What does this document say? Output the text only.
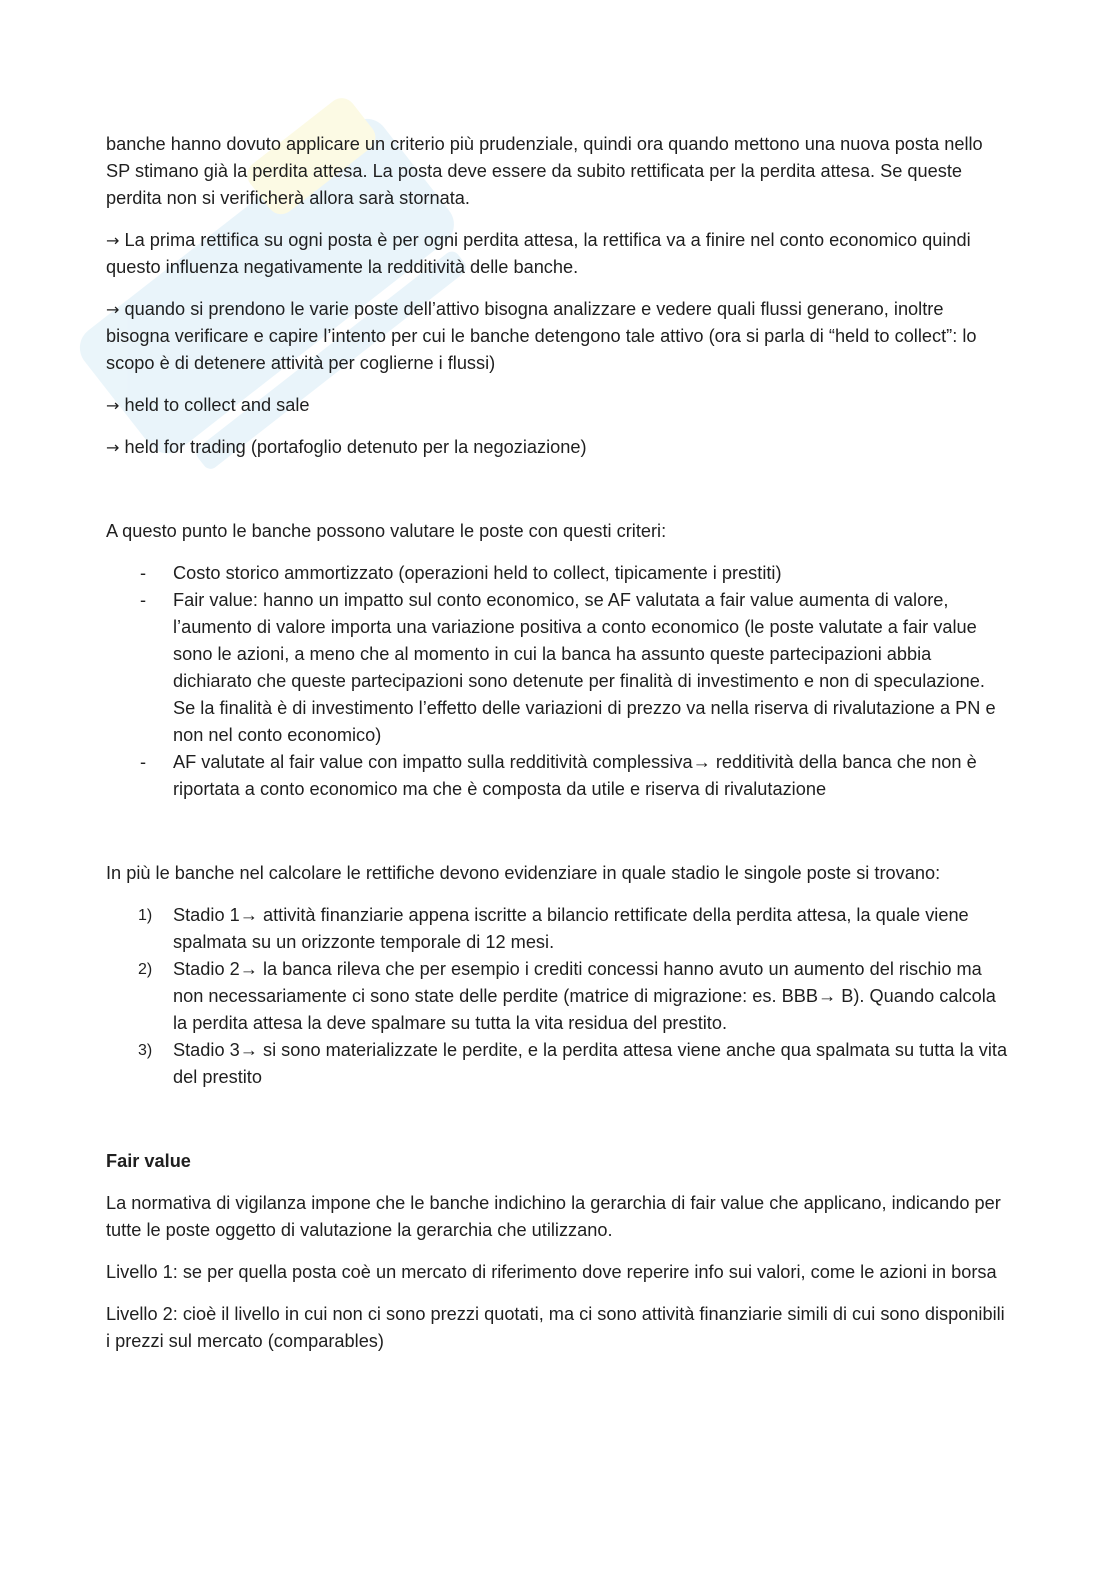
banche hanno dovuto applicare un criterio più prudenziale, quindi ora quando mettono una nuova posta nello SP stimano già la perdita attesa. La posta deve essere da subito rettificata per la perdita attesa. Se queste perdita non si verificherà allora sarà stornata.

→ La prima rettifica su ogni posta è per ogni perdita attesa, la rettifica va a finire nel conto economico quindi questo influenza negativamente la redditività delle banche.

→ quando si prendono le varie poste dell’attivo bisogna analizzare e vedere quali flussi generano, inoltre bisogna verificare e capire l’intento per cui le banche detengono tale attivo (ora si parla di “held to collect”: lo scopo è di detenere attività per coglierne i flussi)

→ held to collect and sale

→ held for trading (portafoglio detenuto per la negoziazione)

A questo punto le banche possono valutare le poste con questi criteri:

- Costo storico ammortizzato (operazioni held to collect, tipicamente i prestiti)
- Fair value: hanno un impatto sul conto economico, se AF valutata a fair value aumenta di valore, l’aumento di valore importa una variazione positiva a conto economico (le poste valutate a fair value sono le azioni, a meno che al momento in cui la banca ha assunto queste partecipazioni abbia dichiarato che queste partecipazioni sono detenute per finalità di investimento e non di speculazione. Se la finalità è di investimento l’effetto delle variazioni di prezzo va nella riserva di rivalutazione a PN e non nel conto economico)
- AF valutate al fair value con impatto sulla redditività complessiva→ redditività della banca che non è riportata a conto economico ma che è composta da utile e riserva di rivalutazione

In più le banche nel calcolare le rettifiche devono evidenziare in quale stadio le singole poste si trovano:

1) Stadio 1→ attività finanziarie appena iscritte a bilancio rettificate della perdita attesa, la quale viene spalmata su un orizzonte temporale di 12 mesi.
2) Stadio 2→ la banca rileva che per esempio i crediti concessi hanno avuto un aumento del rischio ma non necessariamente ci sono state delle perdite (matrice di migrazione: es. BBB→ B). Quando calcola la perdita attesa la deve spalmare su tutta la vita residua del prestito.
3) Stadio 3→ si sono materializzate le perdite, e la perdita attesa viene anche qua spalmata su tutta la vita del prestito

Fair value

La normativa di vigilanza impone che le banche indichino la gerarchia di fair value che applicano, indicando per tutte le poste oggetto di valutazione la gerarchia che utilizzano.

Livello 1: se per quella posta coè un mercato di riferimento dove reperire info sui valori, come le azioni in borsa

Livello 2: cioè il livello in cui non ci sono prezzi quotati, ma ci sono attività finanziarie simili di cui sono disponibili i prezzi sul mercato (comparables)
